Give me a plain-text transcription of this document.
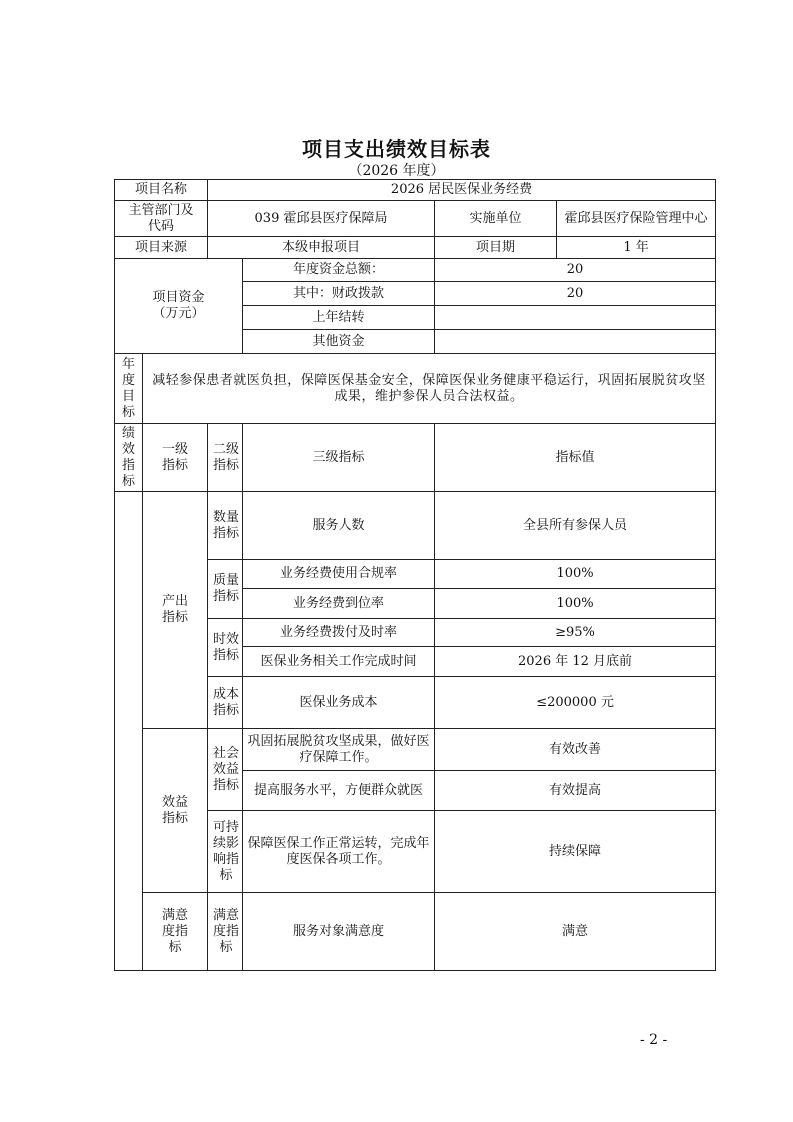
项目支出绩效目标表
（2026 年度）
项目名称		2026 居民医保业务经费			
主管部门及代码		039 霍邱县医疗保障局		实施单位	霍邱县医疗保险管理中心
项目来源		本级申报项目		项目期	1 年
项目资金（万元）			年度资金总额：	20	
			其中：财政拨款	20	
			上年结转		
			其他资金		
年度目标	减轻参保患者就医负担，保障医保基金安全，保障医保业务健康平稳运行，巩固拓展脱贫攻坚成果，维护参保人员合法权益。				
绩效指标	一级指标	二级指标	三级指标	指标值	
	产出指标	数量指标	服务人数	全县所有参保人员	
		质量指标	业务经费使用合规率	100%	
			业务经费到位率	100%	
		时效指标	业务经费拨付及时率	≥95%	
			医保业务相关工作完成时间	2026 年 12 月底前	
		成本指标	医保业务成本	≤200000 元	
	效益指标	社会效益指标	巩固拓展脱贫攻坚成果，做好医疗保障工作。	有效改善	
			提高服务水平，方便群众就医	有效提高	
		可持续影响指标	保障医保工作正常运转，完成年度医保各项工作。	持续保障	
	满意度指标	满意度指标	服务对象满意度	满意	
- 2 -
